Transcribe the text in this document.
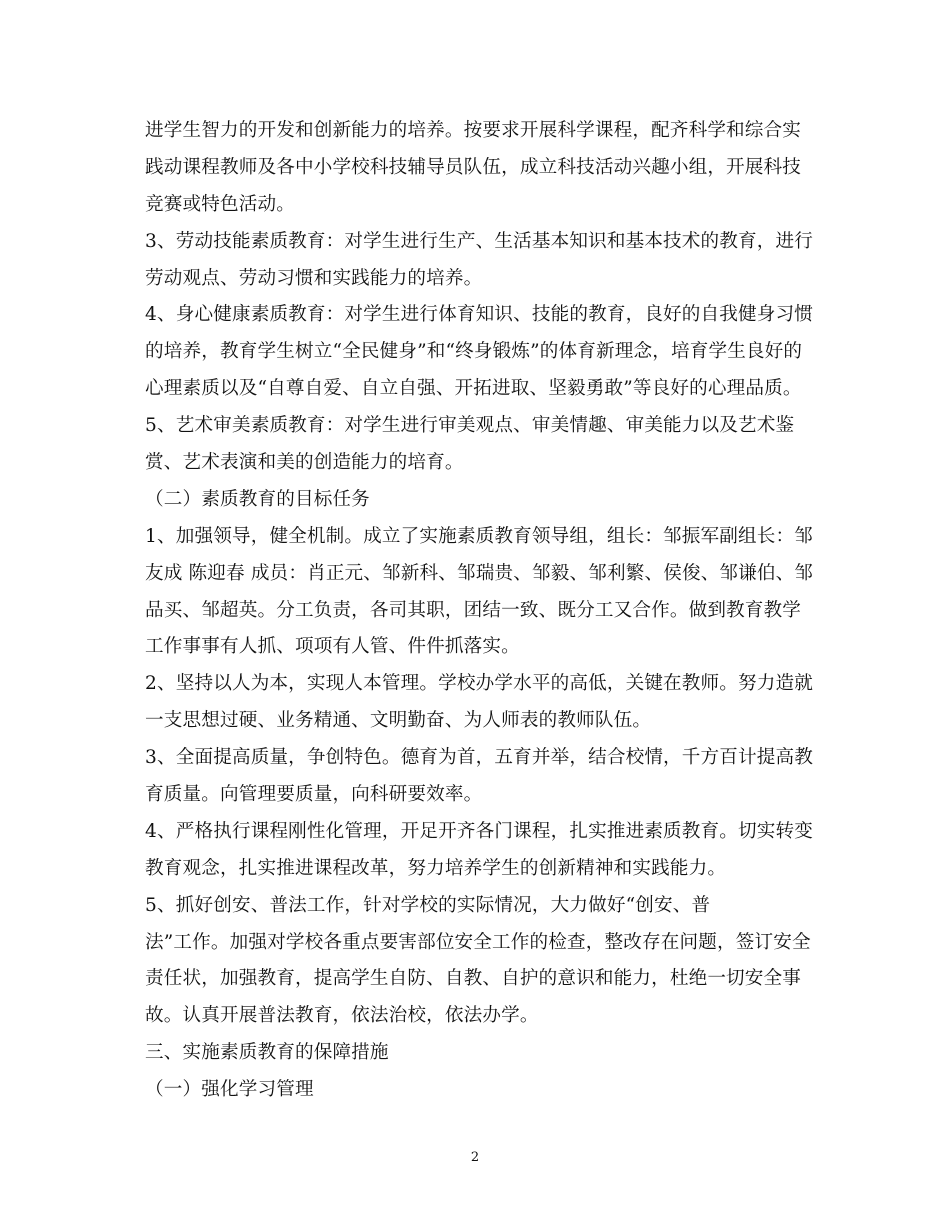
进学生智力的开发和创新能力的培养。按要求开展科学课程，配齐科学和综合实
践动课程教师及各中小学校科技辅导员队伍，成立科技活动兴趣小组，开展科技
竞赛或特色活动。
3、劳动技能素质教育：对学生进行生产、生活基本知识和基本技术的教育，进行
劳动观点、劳动习惯和实践能力的培养。
4、身心健康素质教育：对学生进行体育知识、技能的教育，良好的自我健身习惯
的培养，教育学生树立“全民健身”和“终身锻炼”的体育新理念，培育学生良好的
心理素质以及“自尊自爱、自立自强、开拓进取、坚毅勇敢”等良好的心理品质。
5、艺术审美素质教育：对学生进行审美观点、审美情趣、审美能力以及艺术鉴
赏、艺术表演和美的创造能力的培育。
（二）素质教育的目标任务
1、加强领导，健全机制。成立了实施素质教育领导组，组长：邹振军副组长：邹
友成 陈迎春 成员：肖正元、邹新科、邹瑞贵、邹毅、邹利繁、侯俊、邹谦伯、邹
品买、邹超英。分工负责，各司其职，团结一致、既分工又合作。做到教育教学
工作事事有人抓、项项有人管、件件抓落实。
2、坚持以人为本，实现人本管理。学校办学水平的高低，关键在教师。努力造就
一支思想过硬、业务精通、文明勤奋、为人师表的教师队伍。
3、全面提高质量，争创特色。德育为首，五育并举，结合校情，千方百计提高教
育质量。向管理要质量，向科研要效率。
4、严格执行课程刚性化管理，开足开齐各门课程，扎实推进素质教育。切实转变
教育观念，扎实推进课程改革，努力培养学生的创新精神和实践能力。
5、抓好创安、普法工作，针对学校的实际情况，大力做好“创安、普
法”工作。加强对学校各重点要害部位安全工作的检查，整改存在问题，签订安全
责任状，加强教育，提高学生自防、自教、自护的意识和能力，杜绝一切安全事
故。认真开展普法教育，依法治校，依法办学。
三、实施素质教育的保障措施
（一）强化学习管理
2
